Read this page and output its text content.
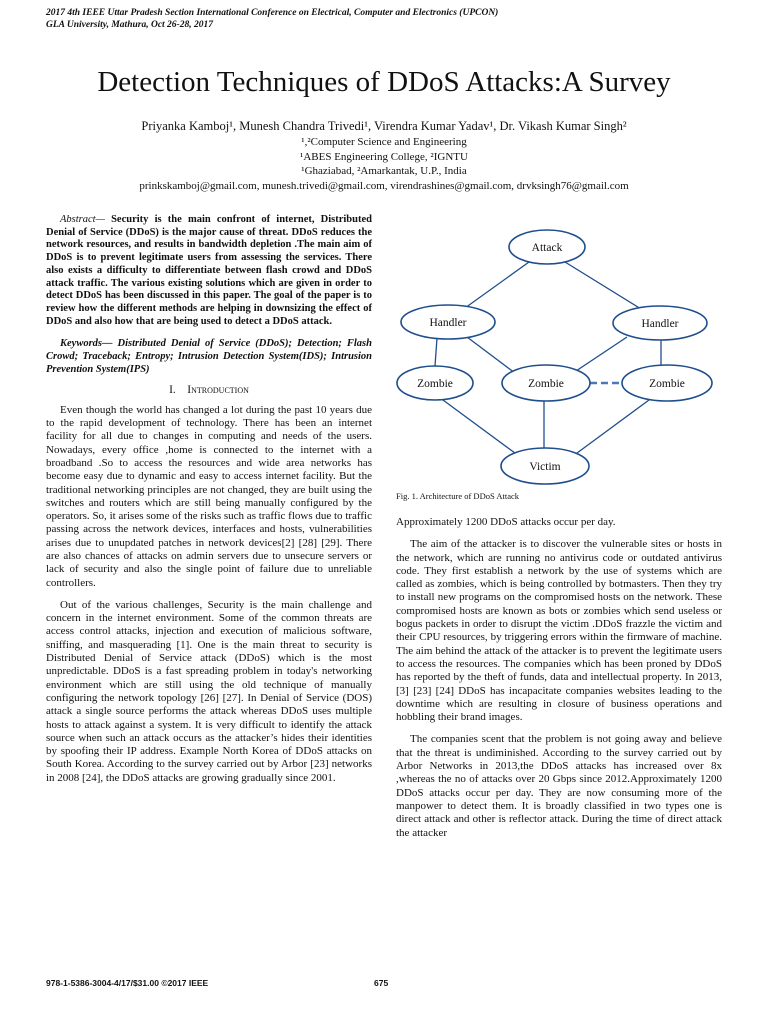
2017 4th IEEE Uttar Pradesh Section International Conference on Electrical, Computer and Electronics (UPCON)
GLA University, Mathura, Oct 26-28, 2017
Detection Techniques of DDoS Attacks:A Survey
Priyanka Kamboj¹, Munesh Chandra Trivedi¹, Virendra Kumar Yadav¹, Dr. Vikash Kumar Singh²
¹,²Computer Science and Engineering
¹ABES Engineering College, ²IGNTU
¹Ghaziabad, ²Amarkantak, U.P., India
prinkskamboj@gmail.com, munesh.trivedi@gmail.com, virendrashines@gmail.com, drvksingh76@gmail.com
Abstract— Security is the main confront of internet, Distributed Denial of Service (DDoS) is the major cause of threat. DDoS reduces the network resources, and results in bandwidth depletion .The main aim of DDoS is to prevent legitimate users from assessing the services. There also exists a difficulty to differentiate between flash crowd and DDoS attack traffic. The various existing solutions which are given in order to detect DDoS has been discussed in this paper. The goal of the paper is to review how the different methods are helping in downsizing the effect of DDoS and also how that are being used to detect a DDoS attack.
Keywords— Distributed Denial of Service (DDoS); Detection; Flash Crowd; Traceback; Entropy; Intrusion Detection System(IDS); Intrusion Prevention System(IPS)
I. Introduction

Even though the world has changed a lot during the past 10 years due to the rapid development of technology. There has been an internet facility for all due to changes in computing and needs of the users. Nowadays, every office ,home is connected to the internet with a broadband .So to access the resources and wide area networks has become easy due to dynamic and easy to access internet facility. But the traditional networking principles are not changed, they are built using the switches and routers which are still being manually configured by the operators. So, it arises some of the risks such as traffic flows due to traffic passing across the network devices, interfaces and hosts, vulnerabilities arises due to unupdated patches in network devices[2] [28] [29]. There are also chances of attacks on admin servers due to unsecure servers or lack of security and also the single point of failure due to unreliable controllers.

Out of the various challenges, Security is the main challenge and concern in the internet environment. Some of the common threats are access control attacks, injection and execution of malicious software, sniffing, and masquerading [1]. One is the main threat to security is Distributed Denial of Service attack (DDoS) which is the most unpredictable. DDoS is a fast spreading problem in today's networking environment which are still using the old technique of manually configuring the network topology [26] [27]. In Denial of Service (DOS) attack a single source performs the attack whereas DDoS uses multiple hosts to attack against a system. It is very difficult to identify the attack source when such an attack occurs as the attacker’s hides their identities by spoofing their IP address. Example North Korea of DDoS attacks on South Korea. According to the survey carried out by Arbor [23] networks in 2008 [24], the DDoS attacks are growing gradually since 2001.

Attack
Handler	Handler
Zombie	Zombie	Zombie
Victim
Fig. 1. Architecture of DDoS Attack

Approximately 1200 DDoS attacks occur per day.

The aim of the attacker is to discover the vulnerable sites or hosts in the network, which are running no antivirus code or outdated antivirus code. They first establish a network by the use of systems which are called as zombies, which is being controlled by botmasters. Then they try to install new programs on the compromised hosts on the network. These compromised hosts are known as bots or zombies which send useless or bogus packets in order to disrupt the victim .DDoS frazzle the victim and their CPU resources, by triggering errors within the firmware of machine. The aim behind the attack of the attacker is to prevent the legitimate users to access the resources. The companies which has been proned by DDoS has reported by the theft of funds, data and intellectual property. In 2013, [3] [23] [24] DDoS has incapacitate companies websites leading to the downtime which are resulting in closure of business operations and hobbling their brand images.

The companies scent that the problem is not going away and believe that the threat is undiminished. According to the survey carried out by Arbor Networks in 2013,the DDoS attacks has increased over 8x ,whereas the no of attacks over 20 Gbps since 2012.Approximately 1200 DDoS attacks occur per day. They are now consuming more of the manpower to detect them. It is broadly classified in two types one is direct attack and other is reflector attack. During the time of direct attack the attacker

978-1-5386-3004-4/17/$31.00 ©2017 IEEE	675
